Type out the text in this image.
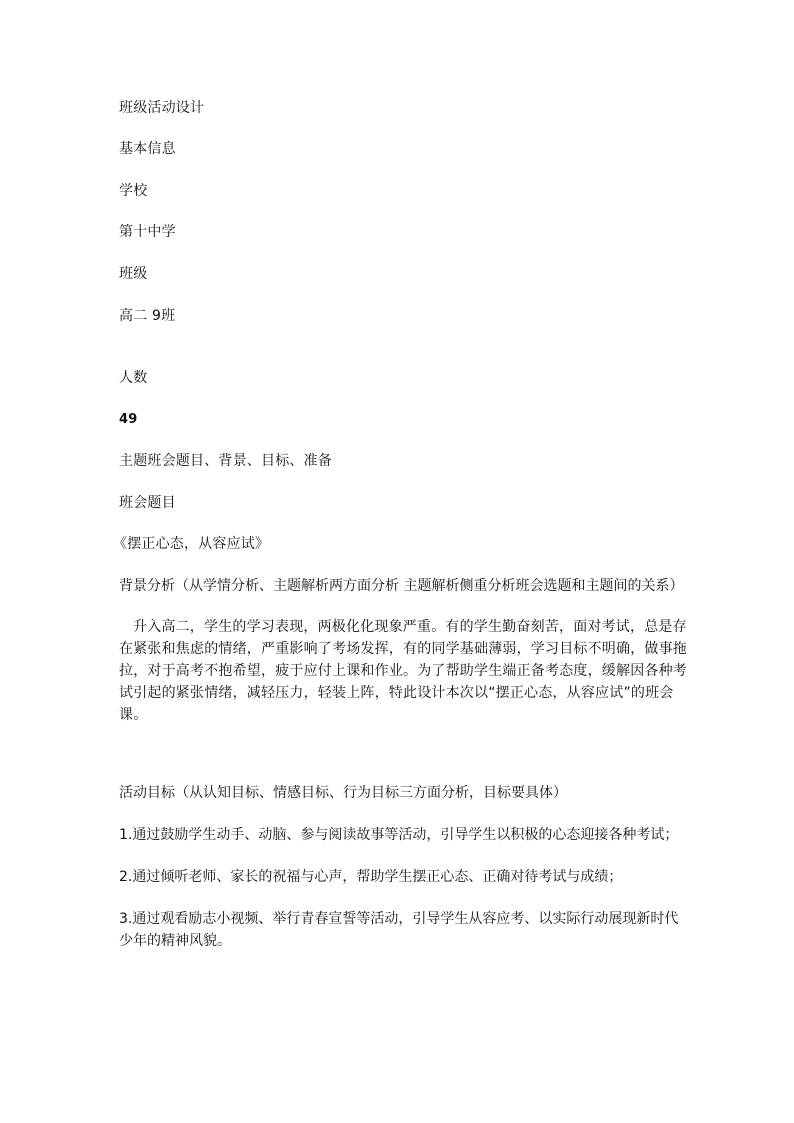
班级活动设计
基本信息
学校
第十中学
班级
高二 9班
人数
49
主题班会题目、背景、目标、准备
班会题目
《摆正心态，从容应试》
背景分析（从学情分析、主题解析两方面分析 主题解析侧重分析班会选题和主题间的关系）
升入高二，学生的学习表现，两极化化现象严重。有的学生勤奋刻苦，面对考试，总是存
在紧张和焦虑的情绪，严重影响了考场发挥，有的同学基础薄弱，学习目标不明确，做事拖
拉，对于高考不抱希望，疲于应付上课和作业。为了帮助学生端正备考态度，缓解因各种考
试引起的紧张情绪，减轻压力，轻装上阵，特此设计本次以“摆正心态，从容应试”的班会
课。
活动目标（从认知目标、情感目标、行为目标三方面分析，目标要具体）
1.通过鼓励学生动手、动脑、参与阅读故事等活动，引导学生以积极的心态迎接各种考试；
2.通过倾听老师、家长的祝福与心声，帮助学生摆正心态、正确对待考试与成绩；
3.通过观看励志小视频、举行青春宣誓等活动，引导学生从容应考、以实际行动展现新时代
少年的精神风貌。
